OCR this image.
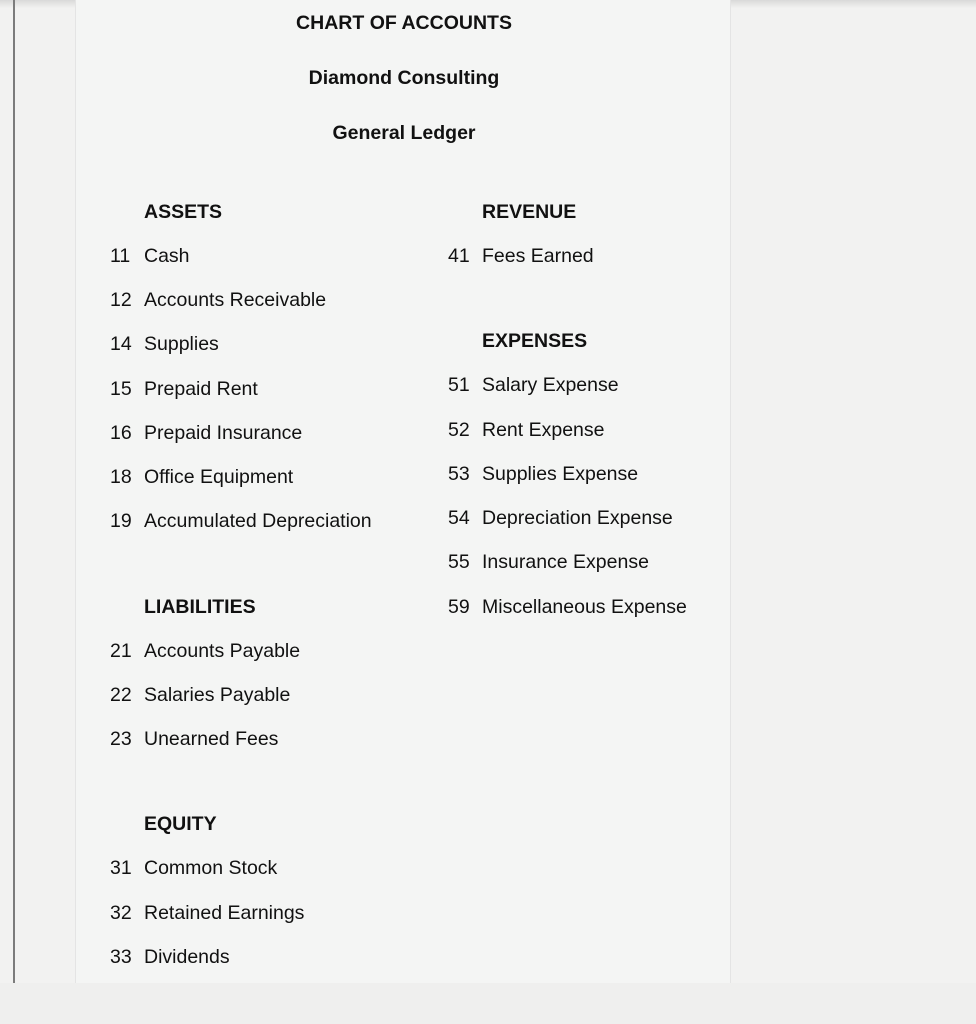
CHART OF ACCOUNTS
Diamond Consulting
General Ledger
ASSETS
11 Cash
12 Accounts Receivable
14 Supplies
15 Prepaid Rent
16 Prepaid Insurance
18 Office Equipment
19 Accumulated Depreciation
LIABILITIES
21 Accounts Payable
22 Salaries Payable
23 Unearned Fees
EQUITY
31 Common Stock
32 Retained Earnings
33 Dividends
REVENUE
41 Fees Earned
EXPENSES
51 Salary Expense
52 Rent Expense
53 Supplies Expense
54 Depreciation Expense
55 Insurance Expense
59 Miscellaneous Expense
